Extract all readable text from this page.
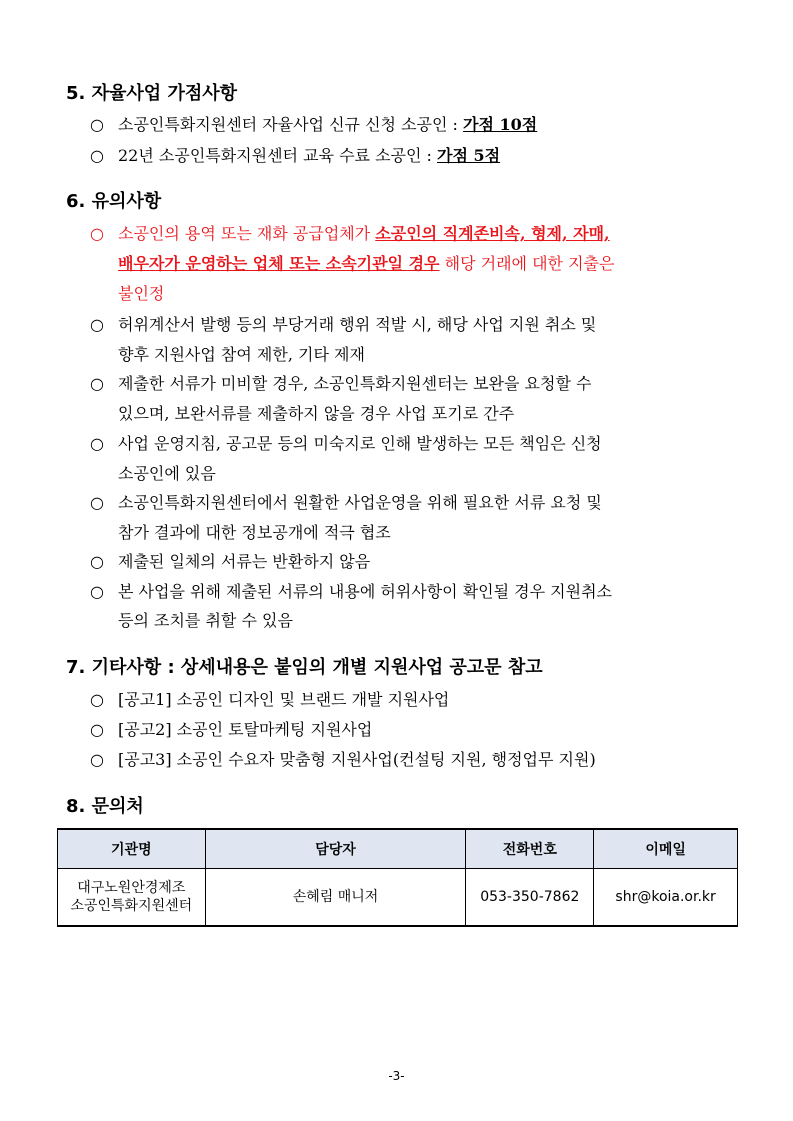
5. 자율사업 가점사항
○ 소공인특화지원센터 자율사업 신규 신청 소공인 : 가점 10점
○ 22년 소공인특화지원센터 교육 수료 소공인 : 가점 5점
6. 유의사항
○ 소공인의 용역 또는 재화 공급업체가 소공인의 직계존비속, 형제, 자매,
배우자가 운영하는 업체 또는 소속기관일 경우 해당 거래에 대한 지출은
불인정
○ 허위계산서 발행 등의 부당거래 행위 적발 시, 해당 사업 지원 취소 및
향후 지원사업 참여 제한, 기타 제재
○ 제출한 서류가 미비할 경우, 소공인특화지원센터는 보완을 요청할 수
있으며, 보완서류를 제출하지 않을 경우 사업 포기로 간주
○ 사업 운영지침, 공고문 등의 미숙지로 인해 발생하는 모든 책임은 신청
소공인에 있음
○ 소공인특화지원센터에서 원활한 사업운영을 위해 필요한 서류 요청 및
참가 결과에 대한 정보공개에 적극 협조
○ 제출된 일체의 서류는 반환하지 않음
○ 본 사업을 위해 제출된 서류의 내용에 허위사항이 확인될 경우 지원취소
등의 조치를 취할 수 있음
7. 기타사항 : 상세내용은 붙임의 개별 지원사업 공고문 참고
○ [공고1] 소공인 디자인 및 브랜드 개발 지원사업
○ [공고2] 소공인 토탈마케팅 지원사업
○ [공고3] 소공인 수요자 맞춤형 지원사업(컨설팅 지원, 행정업무 지원)
8. 문의처
기관명	담당자	전화번호	이메일

대구노원안경제조
소공인특화지원센터	손혜림 매니저	053-350-7862	shr@koia.or.kr
-3-
